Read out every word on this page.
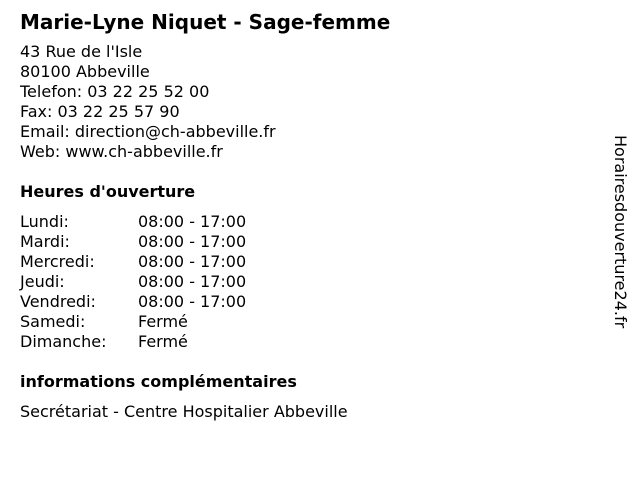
Marie-Lyne Niquet - Sage-femme
43 Rue de l'Isle
80100 Abbeville
Telefon: 03 22 25 52 00
Fax: 03 22 25 57 90
Email: direction@ch-abbeville.fr
Web: www.ch-abbeville.fr
Heures d'ouverture
Lundi:	08:00 - 17:00
Mardi:	08:00 - 17:00
Mercredi:	08:00 - 17:00
Jeudi:	08:00 - 17:00
Vendredi:	08:00 - 17:00
Samedi:	Fermé
Dimanche:	Fermé
informations complémentaires
Secrétariat - Centre Hospitalier Abbeville
Horairesdouverture24.fr
